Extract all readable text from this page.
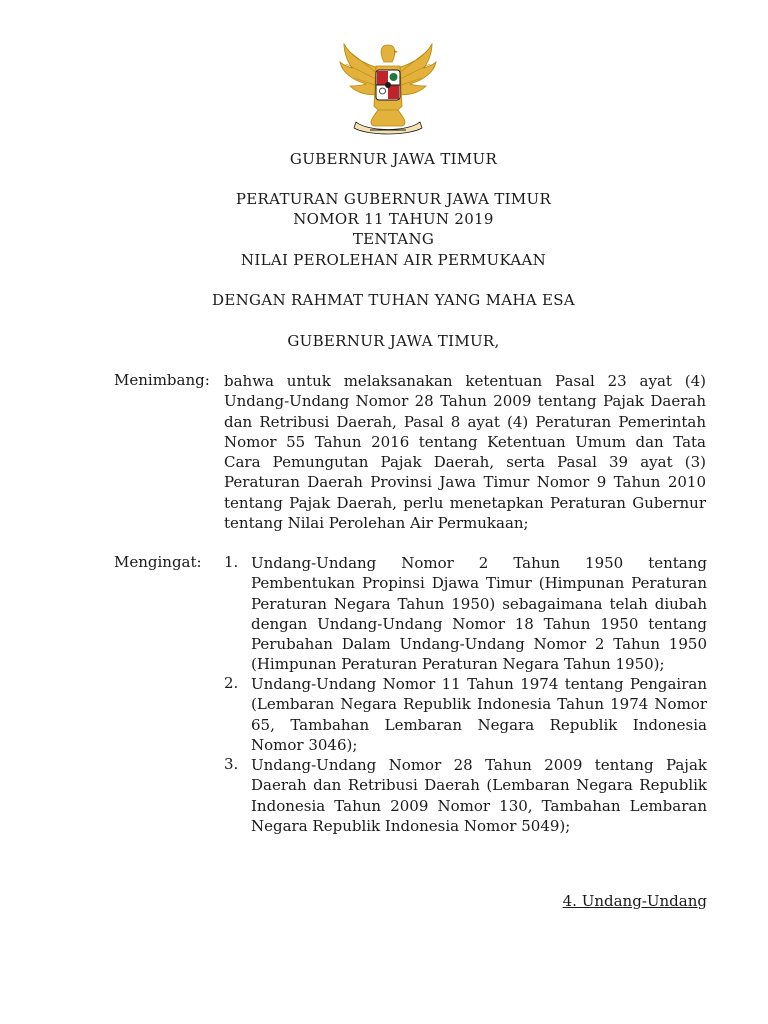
GUBERNUR JAWA TIMUR
PERATURAN GUBERNUR JAWA TIMUR
NOMOR 11 TAHUN 2019
TENTANG
NILAI PEROLEHAN AIR PERMUKAAN
DENGAN RAHMAT TUHAN YANG MAHA ESA
GUBERNUR JAWA TIMUR,
Menimbang: bahwa untuk melaksanakan ketentuan Pasal 23 ayat (4) Undang-Undang Nomor 28 Tahun 2009 tentang Pajak Daerah dan Retribusi Daerah, Pasal 8 ayat (4) Peraturan Pemerintah Nomor 55 Tahun 2016 tentang Ketentuan Umum dan Tata Cara Pemungutan Pajak Daerah, serta Pasal 39 ayat (3) Peraturan Daerah Provinsi Jawa Timur Nomor 9 Tahun 2010 tentang Pajak Daerah, perlu menetapkan Peraturan Gubernur tentang Nilai Perolehan Air Permukaan;

Mengingat: 1. Undang-Undang Nomor 2 Tahun 1950 tentang Pembentukan Propinsi Djawa Timur (Himpunan Peraturan Peraturan Negara Tahun 1950) sebagaimana telah diubah dengan Undang-Undang Nomor 18 Tahun 1950 tentang Perubahan Dalam Undang-Undang Nomor 2 Tahun 1950 (Himpunan Peraturan Peraturan Negara Tahun 1950);

2. Undang-Undang Nomor 11 Tahun 1974 tentang Pengairan (Lembaran Negara Republik Indonesia Tahun 1974 Nomor 65, Tambahan Lembaran Negara Republik Indonesia Nomor 3046);

3. Undang-Undang Nomor 28 Tahun 2009 tentang Pajak Daerah dan Retribusi Daerah (Lembaran Negara Republik Indonesia Tahun 2009 Nomor 130, Tambahan Lembaran Negara Republik Indonesia Nomor 5049);

4. Undang-Undang
